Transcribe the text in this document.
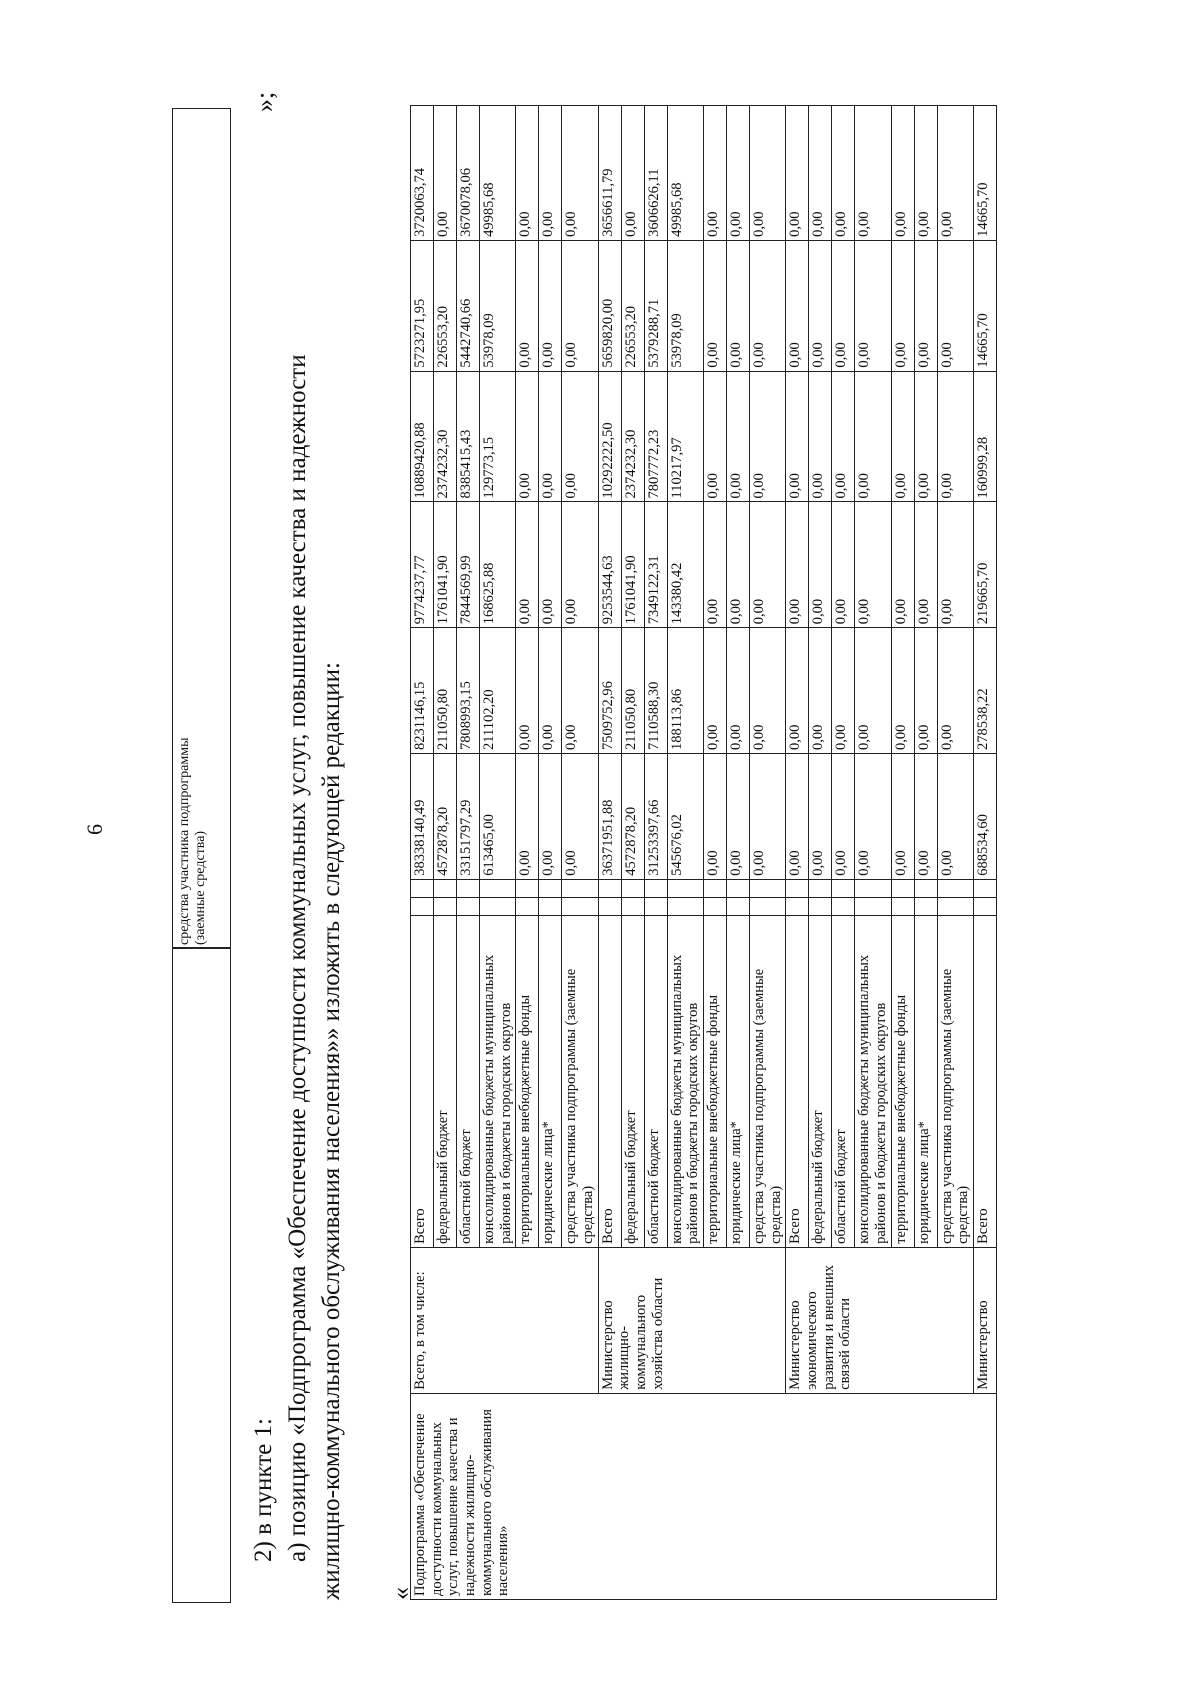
6
средства участника подпрограммы
(заемные средства)
»;
2) в пункте 1: а) позицию «Подпрограмма «Обеспечение доступности коммунальных услуг, повышение качества и надежности жилищно-коммунального обслуживания населения»» изложить в следующей редакции: «
Подпрограмма «Обеспечение доступности коммунальных услуг, повышение качества и надежности жилищно-коммунального обслуживания населения»	Всего, в том числе:	Всего			38338140,49	8231146,15	9774237,77	10889420,88	5723271,95	3720063,74
		федеральный бюджет			4572878,20	211050,80	1761041,90	2374232,30	226553,20	0,00
		областной бюджет			33151797,29	7808993,15	7844569,99	8385415,43	5442740,66	3670078,06
		консолидированные бюджеты муниципальных районов и бюджеты городских округов			613465,00	211102,20	168625,88	129773,15	53978,09	49985,68
		территориальные внебюджетные фонды			0,00	0,00	0,00	0,00	0,00	0,00
		юридические лица*			0,00	0,00	0,00	0,00	0,00	0,00
		средства участника подпрограммы (заемные средства)			0,00	0,00	0,00	0,00	0,00	0,00
	Министерство жилищно-коммунального хозяйства области	Всего			36371951,88	7509752,96	9253544,63	10292222,50	5659820,00	3656611,79
		федеральный бюджет			4572878,20	211050,80	1761041,90	2374232,30	226553,20	0,00
		областной бюджет			31253397,66	7110588,30	7349122,31	7807772,23	5379288,71	3606626,11
		консолидированные бюджеты муниципальных районов и бюджеты городских округов			545676,02	188113,86	143380,42	110217,97	53978,09	49985,68
		территориальные внебюджетные фонды			0,00	0,00	0,00	0,00	0,00	0,00
		юридические лица*			0,00	0,00	0,00	0,00	0,00	0,00
		средства участника подпрограммы (заемные средства)			0,00	0,00	0,00	0,00	0,00	0,00
	Министерство экономического развития и внешних связей области	Всего			0,00	0,00	0,00	0,00	0,00	0,00
		федеральный бюджет			0,00	0,00	0,00	0,00	0,00	0,00
		областной бюджет			0,00	0,00	0,00	0,00	0,00	0,00
		консолидированные бюджеты муниципальных районов и бюджеты городских округов			0,00	0,00	0,00	0,00	0,00	0,00
		территориальные внебюджетные фонды			0,00	0,00	0,00	0,00	0,00	0,00
		юридические лица*			0,00	0,00	0,00	0,00	0,00	0,00
		средства участника подпрограммы (заемные средства)			0,00	0,00	0,00	0,00	0,00	0,00
	Министерство	Всего			688534,60	278538,22	219665,70	160999,28	14665,70	14665,70
